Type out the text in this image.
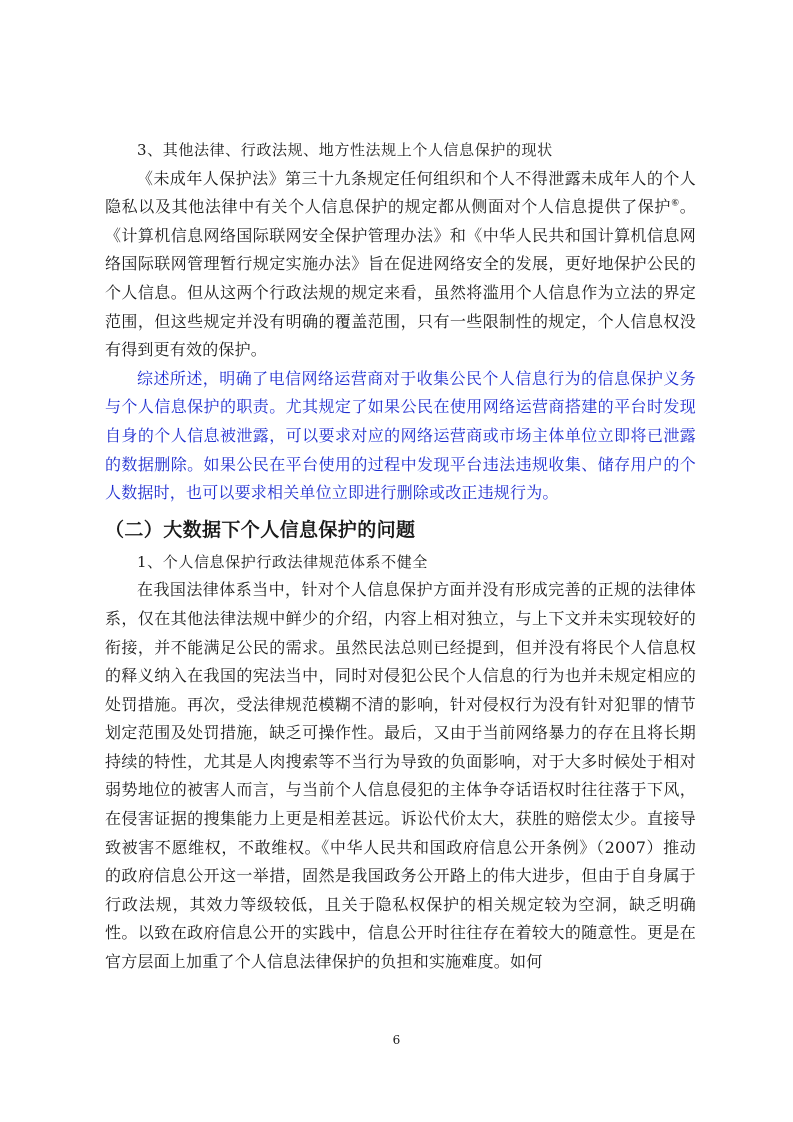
3、其他法律、行政法规、地方性法规上个人信息保护的现状

《未成年人保护法》第三十九条规定任何组织和个人不得泄露未成年人的个人隐私以及其他法律中有关个人信息保护的规定都从侧面对个人信息提供了保护⑥。《计算机信息网络国际联网安全保护管理办法》和《中华人民共和国计算机信息网络国际联网管理暂行规定实施办法》旨在促进网络安全的发展，更好地保护公民的个人信息。但从这两个行政法规的规定来看，虽然将滥用个人信息作为立法的界定范围，但这些规定并没有明确的覆盖范围，只有一些限制性的规定，个人信息权没有得到更有效的保护。

综述所述，明确了电信网络运营商对于收集公民个人信息行为的信息保护义务与个人信息保护的职责。尤其规定了如果公民在使用网络运营商搭建的平台时发现自身的个人信息被泄露，可以要求对应的网络运营商或市场主体单位立即将已泄露的数据删除。如果公民在平台使用的过程中发现平台违法违规收集、储存用户的个人数据时，也可以要求相关单位立即进行删除或改正违规行为。

（二）大数据下个人信息保护的问题

1、个人信息保护行政法律规范体系不健全

在我国法律体系当中，针对个人信息保护方面并没有形成完善的正规的法律体系，仅在其他法律法规中鲜少的介绍，内容上相对独立，与上下文并未实现较好的衔接，并不能满足公民的需求。虽然民法总则已经提到，但并没有将民个人信息权的释义纳入在我国的宪法当中，同时对侵犯公民个人信息的行为也并未规定相应的处罚措施。再次，受法律规范模糊不清的影响，针对侵权行为没有针对犯罪的情节划定范围及处罚措施，缺乏可操作性。最后，又由于当前网络暴力的存在且将长期持续的特性，尤其是人肉搜索等不当行为导致的负面影响，对于大多时候处于相对弱势地位的被害人而言，与当前个人信息侵犯的主体争夺话语权时往往落于下风，在侵害证据的搜集能力上更是相差甚远。诉讼代价太大，获胜的赔偿太少。直接导致被害不愿维权，不敢维权。《中华人民共和国政府信息公开条例》（2007）推动的政府信息公开这一举措，固然是我国政务公开路上的伟大进步，但由于自身属于行政法规，其效力等级较低，且关于隐私权保护的相关规定较为空洞，缺乏明确性。以致在政府信息公开的实践中，信息公开时往往存在着较大的随意性。更是在官方层面上加重了个人信息法律保护的负担和实施难度。如何

6
